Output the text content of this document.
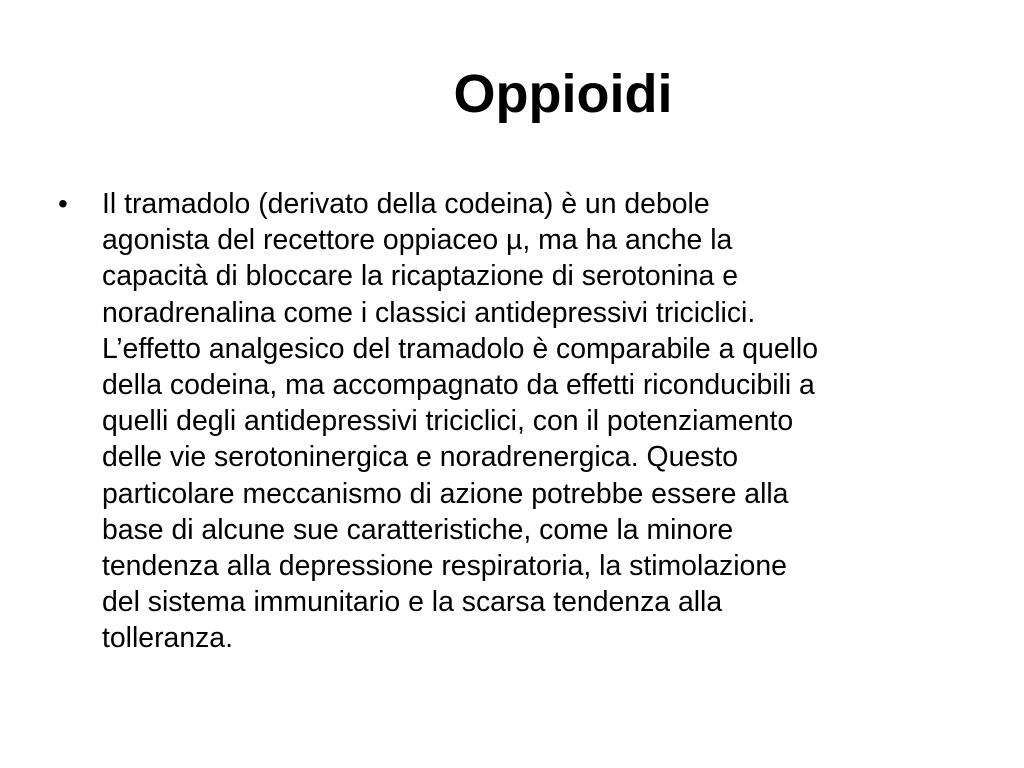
Oppioidi
• Il tramadolo (derivato della codeina) è un debole
agonista del recettore oppiaceo µ, ma ha anche la
capacità di bloccare la ricaptazione di serotonina e
noradrenalina come i classici antidepressivi triciclici.
L’effetto analgesico del tramadolo è comparabile a quello
della codeina, ma accompagnato da effetti riconducibili a
quelli degli antidepressivi triciclici, con il potenziamento
delle vie serotoninergica e noradrenergica. Questo
particolare meccanismo di azione potrebbe essere alla
base di alcune sue caratteristiche, come la minore
tendenza alla depressione respiratoria, la stimolazione
del sistema immunitario e la scarsa tendenza alla
tolleranza.
